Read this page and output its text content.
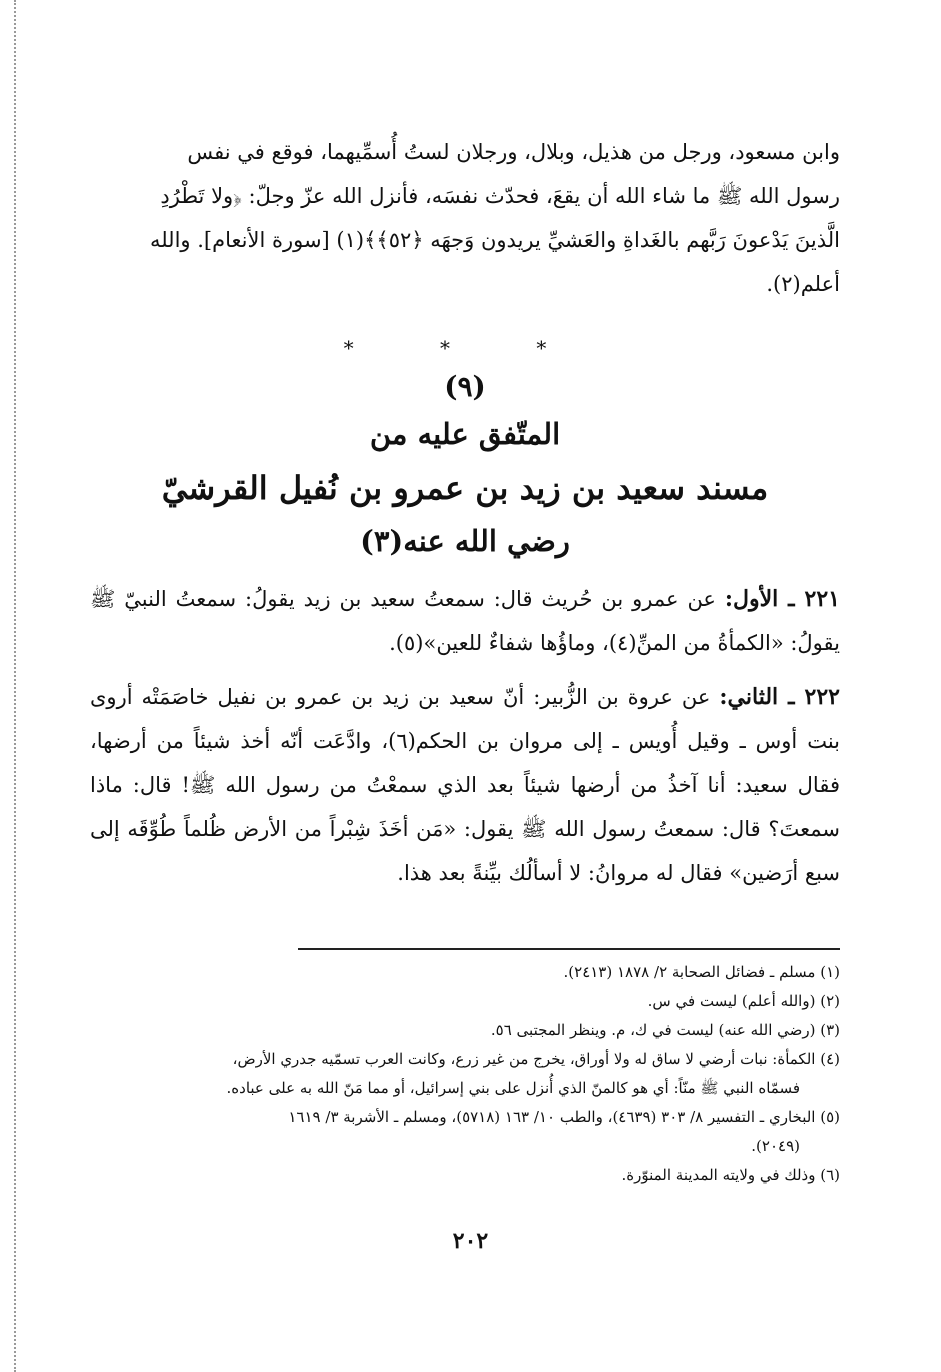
وابن مسعود، ورجل من هذيل، وبلال، ورجلان لستُ أُسمِّيهما، فوقع في نفس

رسول الله ﷺ ما شاء الله أن يقعَ، فحدّث نفسَه، فأنزل الله عزّ وجلّ: ﴿ولا تَطْرُدِ

الَّذينَ يَدْعونَ رَبَّهم بالغَداةِ والعَشيِّ يريدون وَجهَه ﴿٥٢﴾﴾(١) [سورة الأنعام]. والله

أعلم(٢).

* * *
(٩)
المتّفق عليه من
مسند سعيد بن زيد بن عمرو بن نُفيل القرشيّ
رضي الله عنه(٣)

٢٢١ ـ الأول: عن عمرو بن حُريث قال: سمعتُ سعيد بن زيد يقولُ: سمعتُ النبيّ ﷺ يقولُ: «الكمأةُ من المنِّ(٤)، وماؤُها شفاءٌ للعين»(٥).

٢٢٢ ـ الثاني: عن عروة بن الزُّبير: أنّ سعيد بن زيد بن عمرو بن نفيل خاصَمَتْه أروى بنت أوس ـ وقيل أُويس ـ إلى مروان بن الحكم(٦)، وادَّعَت أنّه أخذ شيئاً من أرضها، فقال سعيد: أنا آخذُ من أرضها شيئاً بعد الذي سمعْتُ من رسول الله ﷺ! قال: ماذا سمعتَ؟ قال: سمعتُ رسول الله ﷺ يقول: «مَن أخَذَ شِبْراً من الأرض ظُلماً طُوِّقَه إلى سبع أرَضين» فقال له مروانُ: لا أسألُك بيِّنةً بعد هذا.

(١) مسلم ـ فضائل الصحابة ٢/ ١٨٧٨ (٢٤١٣).

(٢) (والله أعلم) ليست في س.

(٣) (رضي الله عنه) ليست في ك، م. وينظر المجتبى ٥٦.

(٤) الكمأة: نبات أرضي لا ساق له ولا أوراق، يخرج من غير زرع، وكانت العرب تسمّيه جدري الأرض،

فسمّاه النبي ﷺ منّاً: أي هو كالمنّ الذي أُنزل على بني إسرائيل، أو مما مَنّ الله به على عباده.

(٥) البخاري ـ التفسير ٨/ ٣٠٣ (٤٦٣٩)، والطب ١٠/ ١٦٣ (٥٧١٨)، ومسلم ـ الأشربة ٣/ ١٦١٩

(٢٠٤٩).

(٦) وذلك في ولايته المدينة المنوّرة.

٢٠٢
